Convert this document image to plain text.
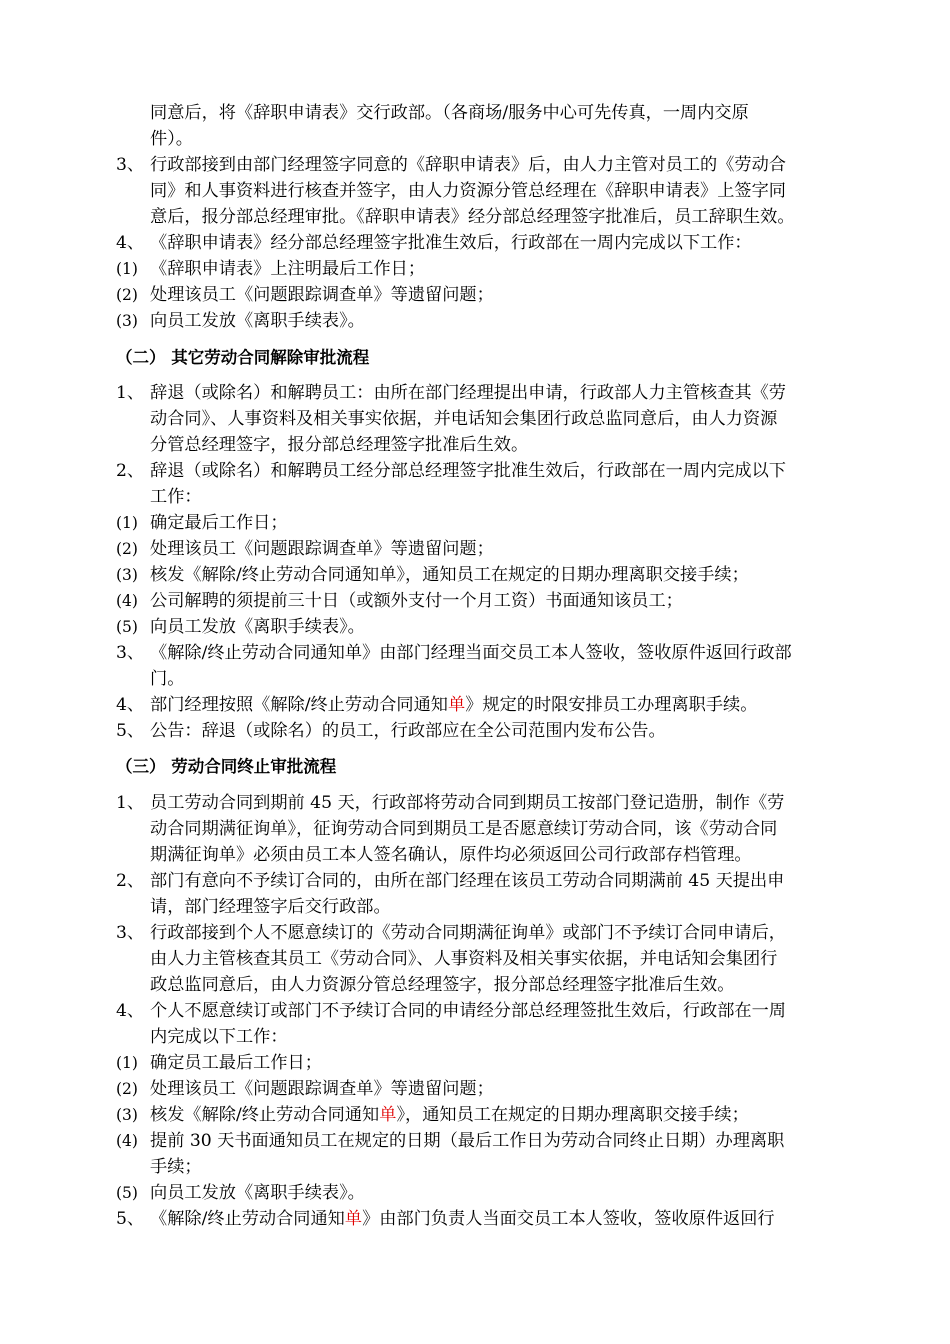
同意后，将《辞职申请表》交行政部。（各商场/服务中心可先传真，一周内交原
件）。
3、 行政部接到由部门经理签字同意的《辞职申请表》后，由人力主管对员工的《劳动合
同》和人事资料进行核查并签字，由人力资源分管总经理在《辞职申请表》上签字同
意后，报分部总经理审批。《辞职申请表》经分部总经理签字批准后，员工辞职生效。
4、 《辞职申请表》经分部总经理签字批准生效后，行政部在一周内完成以下工作：
(1) 《辞职申请表》上注明最后工作日；
(2) 处理该员工《问题跟踪调查单》等遗留问题；
(3) 向员工发放《离职手续表》。
（二） 其它劳动合同解除审批流程
1、 辞退（或除名）和解聘员工：由所在部门经理提出申请，行政部人力主管核查其《劳
动合同》、人事资料及相关事实依据，并电话知会集团行政总监同意后，由人力资源
分管总经理签字，报分部总经理签字批准后生效。
2、 辞退（或除名）和解聘员工经分部总经理签字批准生效后，行政部在一周内完成以下
工作：
(1) 确定最后工作日；
(2) 处理该员工《问题跟踪调查单》等遗留问题；
(3) 核发《解除/终止劳动合同通知单》，通知员工在规定的日期办理离职交接手续；
(4) 公司解聘的须提前三十日（或额外支付一个月工资）书面通知该员工；
(5) 向员工发放《离职手续表》。
3、 《解除/终止劳动合同通知单》由部门经理当面交员工本人签收，签收原件返回行政部
门。
4、 部门经理按照《解除/终止劳动合同通知单》规定的时限安排员工办理离职手续。
5、 公告：辞退（或除名）的员工，行政部应在全公司范围内发布公告。
（三） 劳动合同终止审批流程
1、 员工劳动合同到期前 45 天，行政部将劳动合同到期员工按部门登记造册，制作《劳
动合同期满征询单》，征询劳动合同到期员工是否愿意续订劳动合同，该《劳动合同
期满征询单》必须由员工本人签名确认，原件均必须返回公司行政部存档管理。
2、 部门有意向不予续订合同的，由所在部门经理在该员工劳动合同期满前 45 天提出申
请，部门经理签字后交行政部。
3、 行政部接到个人不愿意续订的《劳动合同期满征询单》或部门不予续订合同申请后，
由人力主管核查其员工《劳动合同》、人事资料及相关事实依据，并电话知会集团行
政总监同意后，由人力资源分管总经理签字，报分部总经理签字批准后生效。
4、 个人不愿意续订或部门不予续订合同的申请经分部总经理签批生效后，行政部在一周
内完成以下工作：
(1) 确定员工最后工作日；
(2) 处理该员工《问题跟踪调查单》等遗留问题；
(3) 核发《解除/终止劳动合同通知单》，通知员工在规定的日期办理离职交接手续；
(4) 提前 30 天书面通知员工在规定的日期（最后工作日为劳动合同终止日期）办理离职
手续；
(5) 向员工发放《离职手续表》。
5、 《解除/终止劳动合同通知单》由部门负责人当面交员工本人签收，签收原件返回行
